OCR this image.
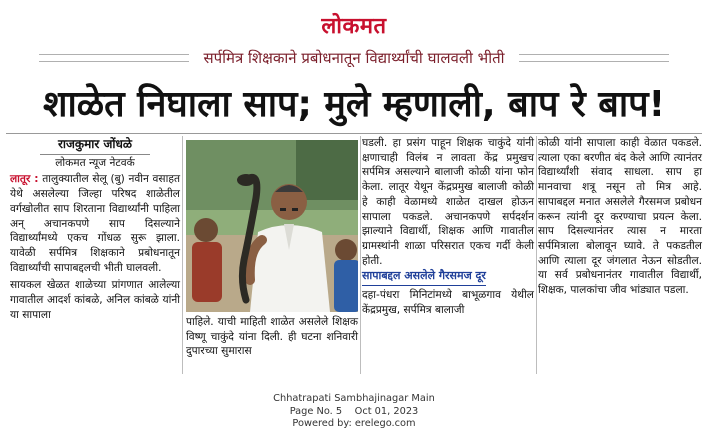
लोकमत
सर्पमित्र शिक्षकाने प्रबोधनातून विद्यार्थ्यांची घालवली भीती
शाळेत निघाला साप; मुले म्हणाली, बाप रे बाप!
राजकुमार जोंधळे
लोकमत न्यूज नेटवर्क

लातूर : तालुक्यातील सेलू (बु) नवीन वसाहत येथे असलेल्या जिल्हा परिषद शाळेतील वर्गखोलीत साप शिरताना विद्यार्थ्यांनी पाहिला अन् अचानकपणे साप दिसल्याने विद्यार्थ्यांमध्ये एकच गोंधळ सुरू झाला. यावेळी सर्पमित्र शिक्षकाने प्रबोधनातून विद्यार्थ्यांची सापाबद्दलची भीती घालवली.

सायकल खेळत शाळेच्या प्रांगणात आलेल्या गावातील आदर्श कांबळे, अनिल कांबळे यांनी या सापाला

पाहिले. याची माहिती शाळेत असलेले शिक्षक विष्णू चाकुंदे यांना दिली. ही घटना शनिवारी दुपारच्या सुमारास

घडली. हा प्रसंग पाहून शिक्षक चाकुंदे यांनी क्षणाचाही विलंब न लावता केंद्र प्रमुखच सर्पमित्र असल्याने बालाजी कोळी यांना फोन केला. लातूर येथून केंद्रप्रमुख बालाजी कोळी हे काही वेळामध्ये शाळेत दाखल होऊन सापाला पकडले. अचानकपणे सर्पदर्शन झाल्याने विद्यार्थी, शिक्षक आणि गावातील ग्रामस्थांनी शाळा परिसरात एकच गर्दी केली होती.

सापाबद्दल असलेले गैरसमज दूर

दहा-पंधरा मिनिटांमध्ये बाभूळगाव येथील केंद्रप्रमुख, सर्पमित्र बालाजी

कोळी यांनी सापाला काही वेळात पकडले. त्याला एका बरणीत बंद केले आणि त्यानंतर विद्यार्थ्यांशी संवाद साधला. साप हा मानवाचा शत्रू नसून तो मित्र आहे. सापाबद्दल मनात असलेले गैरसमज प्रबोधन करून त्यांनी दूर करण्याचा प्रयत्न केला. साप दिसल्यानंतर त्यास न मारता सर्पमित्राला बोलावून घ्यावे. ते पकडतील आणि त्याला दूर जंगलात नेऊन सोडतील. या सर्व प्रबोधनानंतर गावातील विद्यार्थी, शिक्षक, पालकांचा जीव भांड्यात पडला.

Chhatrapati Sambhajinagar Main
Page No. 5    Oct 01, 2023
Powered by: erelego.com
